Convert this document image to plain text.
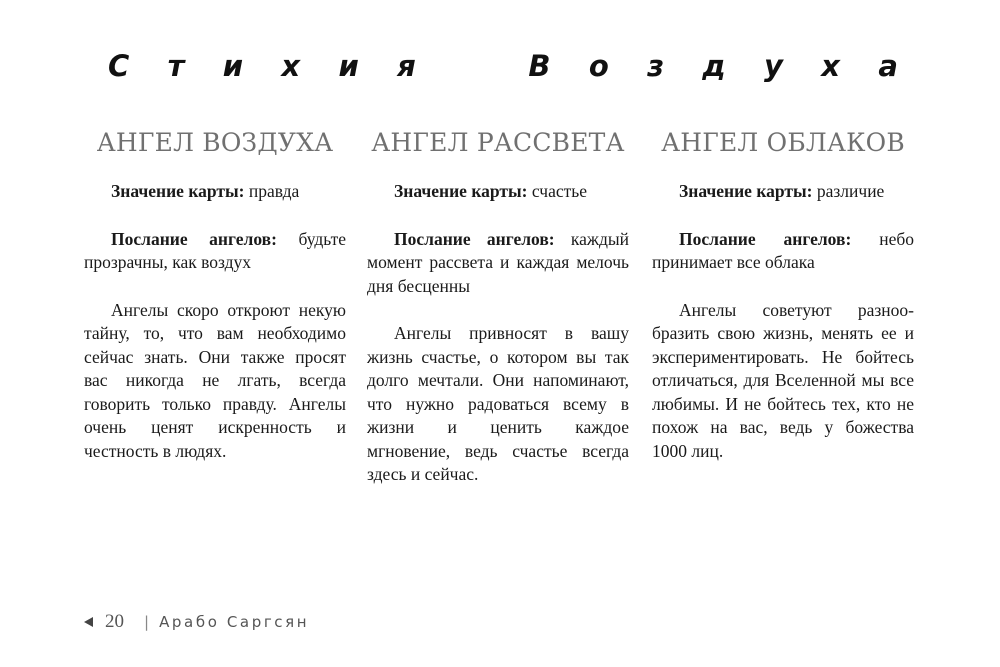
С т и х и я	В о з д у х а
АНГЕЛ ВОЗДУХА

Значение карты: правда

Послание ангелов: будьте прозрачны, как воздух

Ангелы скоро откроют некую тайну, то, что вам необходимо сейчас знать. Они также просят вас никогда не лгать, всегда говорить только правду. Ангелы очень ценят искренность и честность в людях.

АНГЕЛ РАССВЕТА

Значение карты: счастье

Послание ангелов: каждый момент рассвета и каждая мелочь дня бесценны

Ангелы привносят в вашу жизнь счастье, о котором вы так долго мечтали. Они напоминают, что нужно радоваться всему в жизни и ценить каждое мгновение, ведь счастье всегда здесь и сейчас.

АНГЕЛ ОБЛАКОВ

Значение карты: различие

Послание ангелов: небо принимает все облака

Ангелы советуют разнообразить свою жизнь, менять ее и экспериментировать. Не бойтесь отличаться, для Вселенной мы все любимы. И не бойтесь тех, кто не похож на вас, ведь у божества 1000 лиц.

20 | Арабо Саргсян
